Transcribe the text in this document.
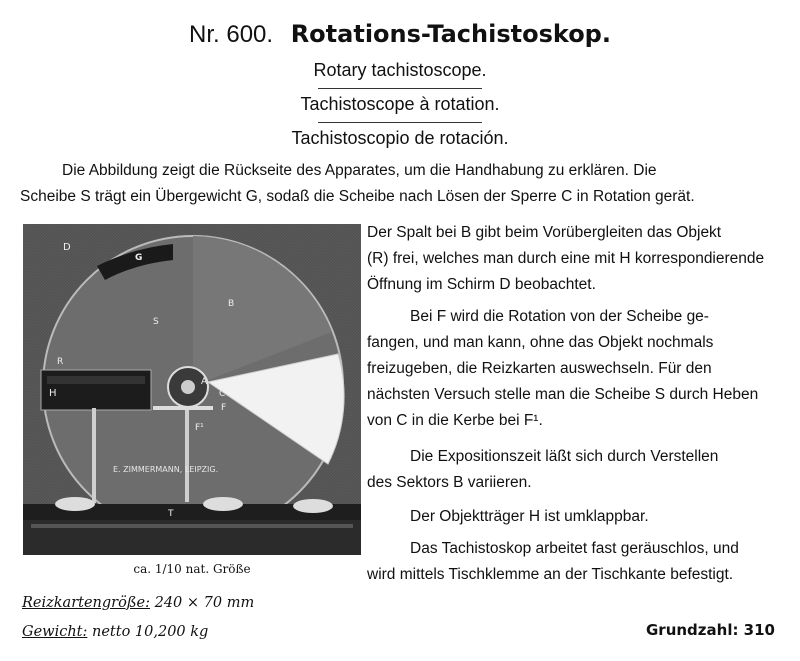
Nr. 600. Rotations-Tachistoskop.
Rotary tachistoscope.
Tachistoscope à rotation.
Tachistoscopio de rotación.

Die Abbildung zeigt die Rückseite des Apparates, um die Handhabung zu erklären. Die

Scheibe S trägt ein Übergewicht G, sodaß die Scheibe nach Lösen der Sperre C in Rotation gerät.

D
G
S
B
R
H
A
C
F
F¹
T
E. ZIMMERMANN, LEIPZIG.
ca. 1/10 nat. Größe

Der Spalt bei B gibt beim Vorübergleiten das Objekt

(R) frei, welches man durch eine mit H korrespondierende

Öffnung im Schirm D beobachtet.

Bei F wird die Rotation von der Scheibe ge-

fangen, und man kann, ohne das Objekt nochmals

freizugeben, die Reizkarten auswechseln. Für den

nächsten Versuch stelle man die Scheibe S durch Heben

von C in die Kerbe bei F¹.

Die Expositionszeit läßt sich durch Verstellen

des Sektors B variieren.

Der Objektträger H ist umklappbar.

Das Tachistoskop arbeitet fast geräuschlos, und

wird mittels Tischklemme an der Tischkante befestigt.

Reizkartengröße: 240 × 70 mm
Gewicht: netto 10,200 kg	Grundzahl: 310
